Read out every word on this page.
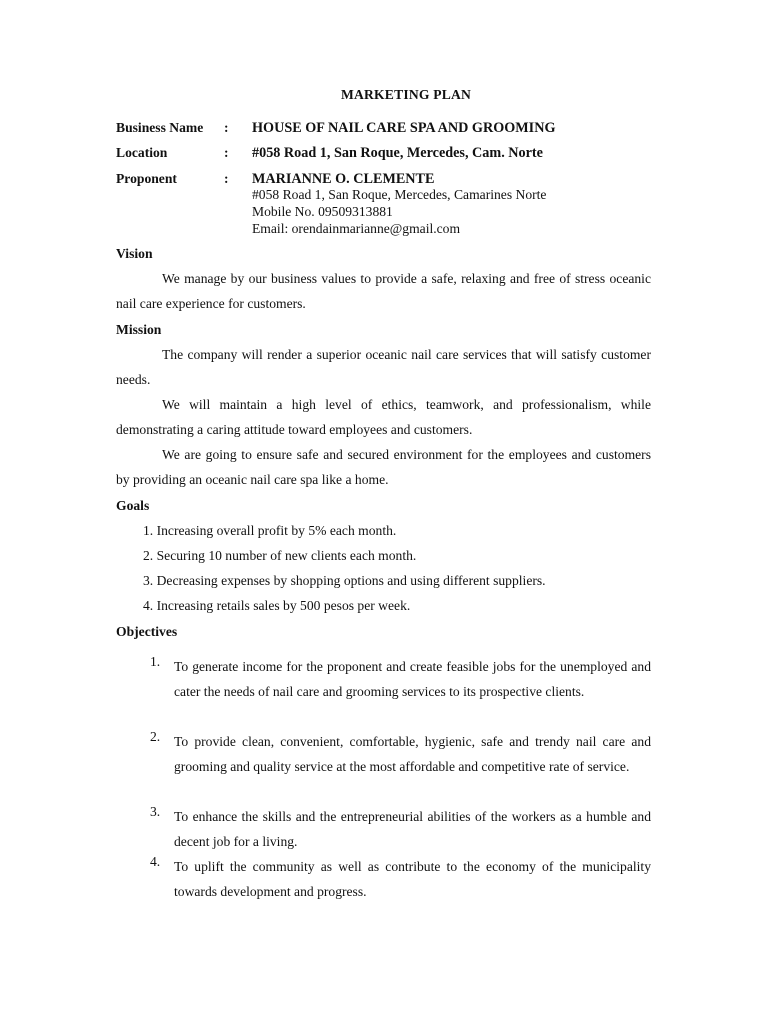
MARKETING PLAN
Business Name	: HOUSE OF NAIL CARE SPA AND GROOMING
Location	: #058 Road 1, San Roque, Mercedes, Cam. Norte
Proponent	: MARIANNE O. CLEMENTE
#058 Road 1, San Roque, Mercedes, Camarines Norte
Mobile No. 09509313881
Email: orendainmarianne@gmail.com
Vision
We manage by our business values to provide a safe, relaxing and free of stress oceanic nail care experience for customers.
Mission
The company will render a superior oceanic nail care services that will satisfy customer needs.
We will maintain a high level of ethics, teamwork, and professionalism, while demonstrating a caring attitude toward employees and customers.
We are going to ensure safe and secured environment for the employees and customers by providing an oceanic nail care spa like a home.
Goals
1. Increasing overall profit by 5% each month.
2. Securing 10 number of new clients each month.
3. Decreasing expenses by shopping options and using different suppliers.
4. Increasing retails sales by 500 pesos per week.
Objectives
1. To generate income for the proponent and create feasible jobs for the unemployed and cater the needs of nail care and grooming services to its prospective clients.
2. To provide clean, convenient, comfortable, hygienic, safe and trendy nail care and grooming and quality service at the most affordable and competitive rate of service.
3. To enhance the skills and the entrepreneurial abilities of the workers as a humble and decent job for a living.
4. To uplift the community as well as contribute to the economy of the municipality towards development and progress.
